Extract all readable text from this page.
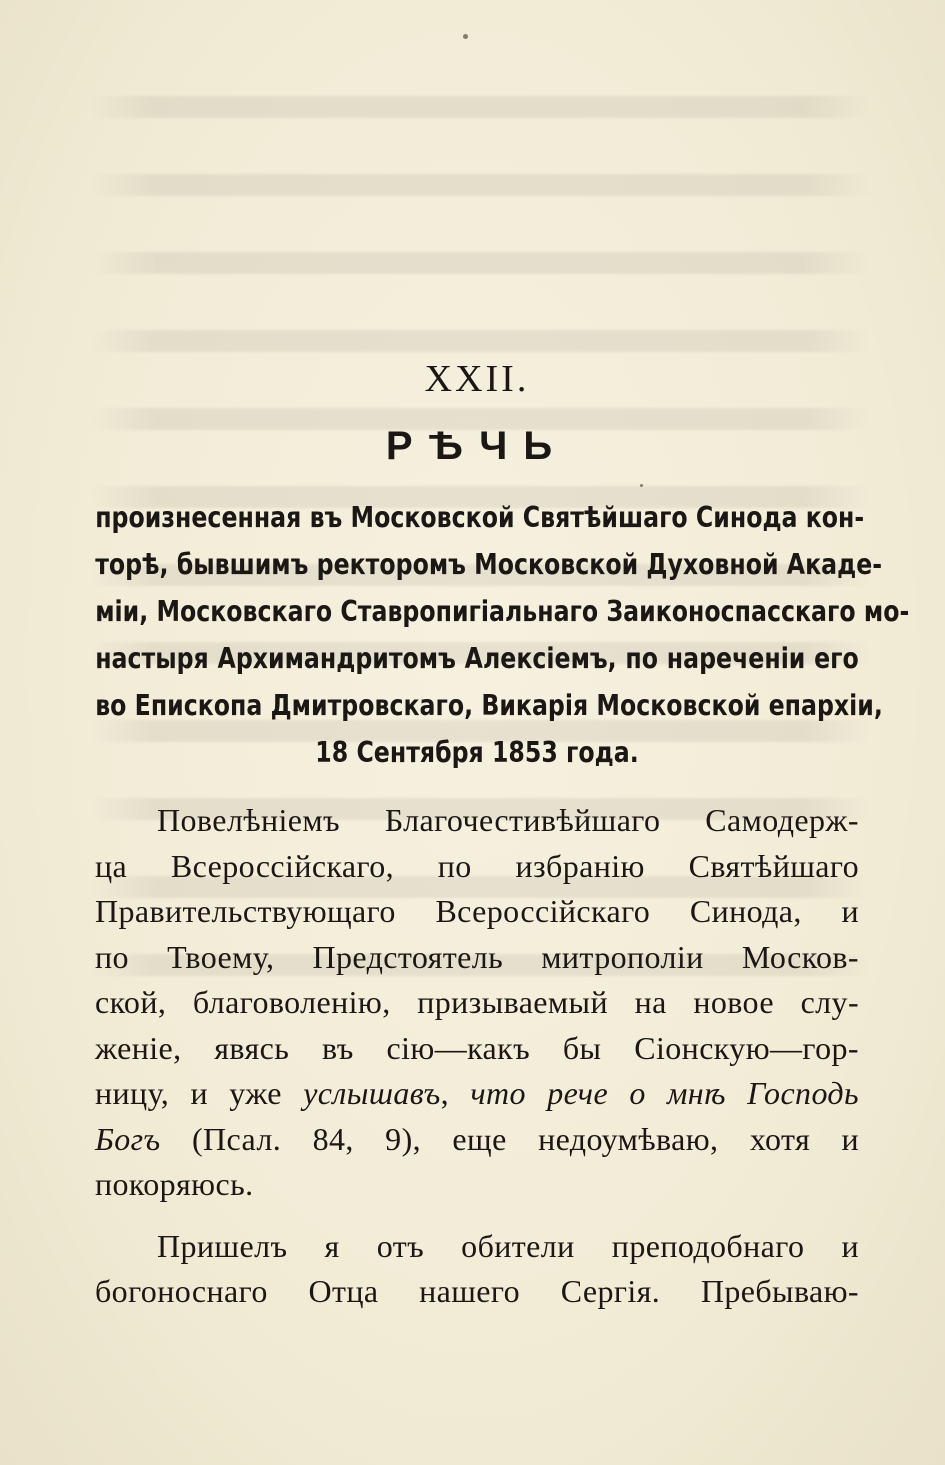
XXII.

РѢЧЬ

произнесенная въ Московской Святѣйшаго Синода кон-
торѣ, бывшимъ ректоромъ Московской Духовной Акаде-
міи, Московскаго Ставропигіальнаго Заиконоспасскаго мо-
настыря Архимандритомъ Алексіемъ, по нареченіи его
во Епископа Дмитровскаго, Викарія Московской епархіи,
18 Сентября 1853 года.
Повелѣніемъ Благочестивѣйшаго Самодерж-
ца Всероссійскаго, по избранію Святѣйшаго
Правительствующаго Всероссійскаго Синода, и
по Твоему, Предстоятель митрополіи Москов-
ской, благоволенію, призываемый на новое слу-
женіе, явясь въ сію—какъ бы Сіонскую—гор-
ницу, и уже услышавъ, что рече о мнѣ Господь
Богъ (Псал. 84, 9), еще недоумѣваю, хотя и
покоряюсь.
Пришелъ я отъ обители преподобнаго и
богоноснаго Отца нашего Сергія. Пребываю-
